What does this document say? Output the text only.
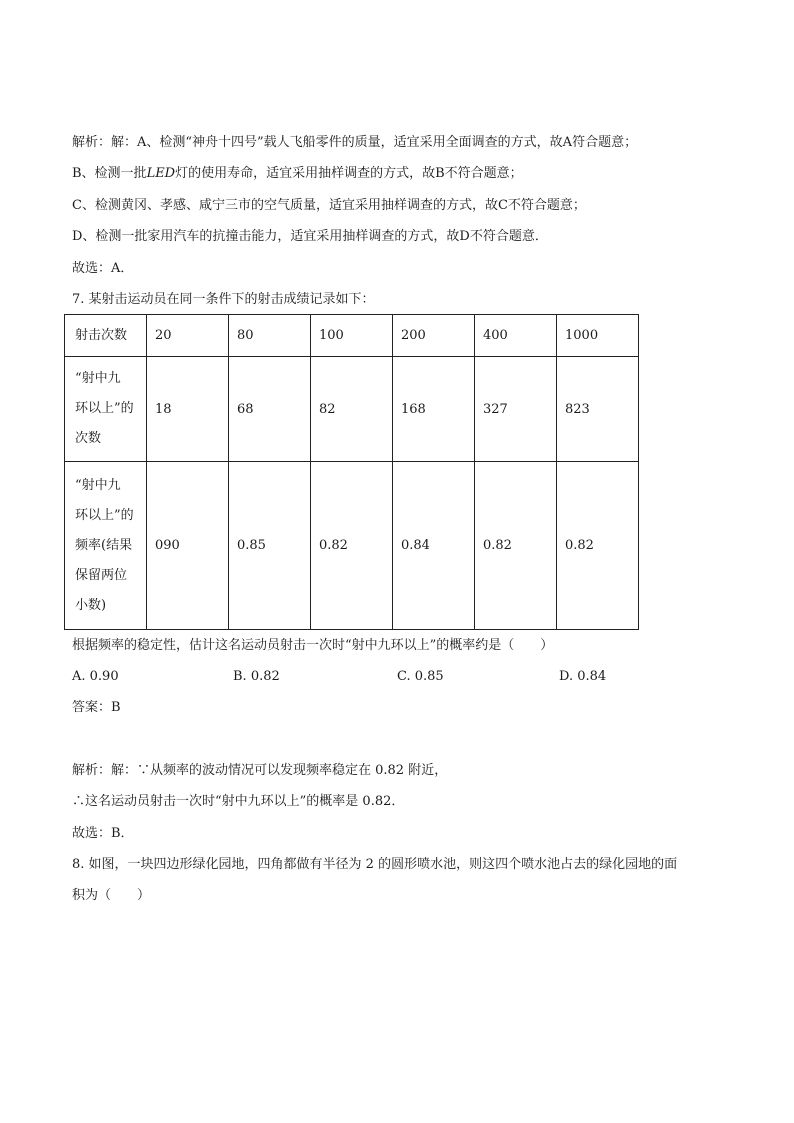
解析：解：A、检测“神舟十四号”载人飞船零件的质量，适宜采用全面调查的方式，故A符合题意；
B、检测一批LED灯的使用寿命，适宜采用抽样调查的方式，故B不符合题意；
C、检测黄冈、孝感、咸宁三市的空气质量，适宜采用抽样调查的方式，故C不符合题意；
D、检测一批家用汽车的抗撞击能力，适宜采用抽样调查的方式，故D不符合题意．
故选：A．
7. 某射击运动员在同一条件下的射击成绩记录如下：
射击次数	20	80	100	200	400	1000

“射中九
环以上”的
次数	18	68	82	168	327	823

“射中九
环以上”的
频率(结果
保留两位
小数)	090	0.85	0.82	0.84	0.82	0.82
根据频率的稳定性，估计这名运动员射击一次时“射中九环以上”的概率约是（　　）
A. 0.90	B. 0.82	C. 0.85	D. 0.84
答案：B
解析：解：∵从频率的波动情况可以发现频率稳定在 0.82 附近，
∴这名运动员射击一次时“射中九环以上”的概率是 0.82．
故选：B．
8. 如图，一块四边形绿化园地，四角都做有半径为 2 的圆形喷水池，则这四个喷水池占去的绿化园地的面
积为（　　）
